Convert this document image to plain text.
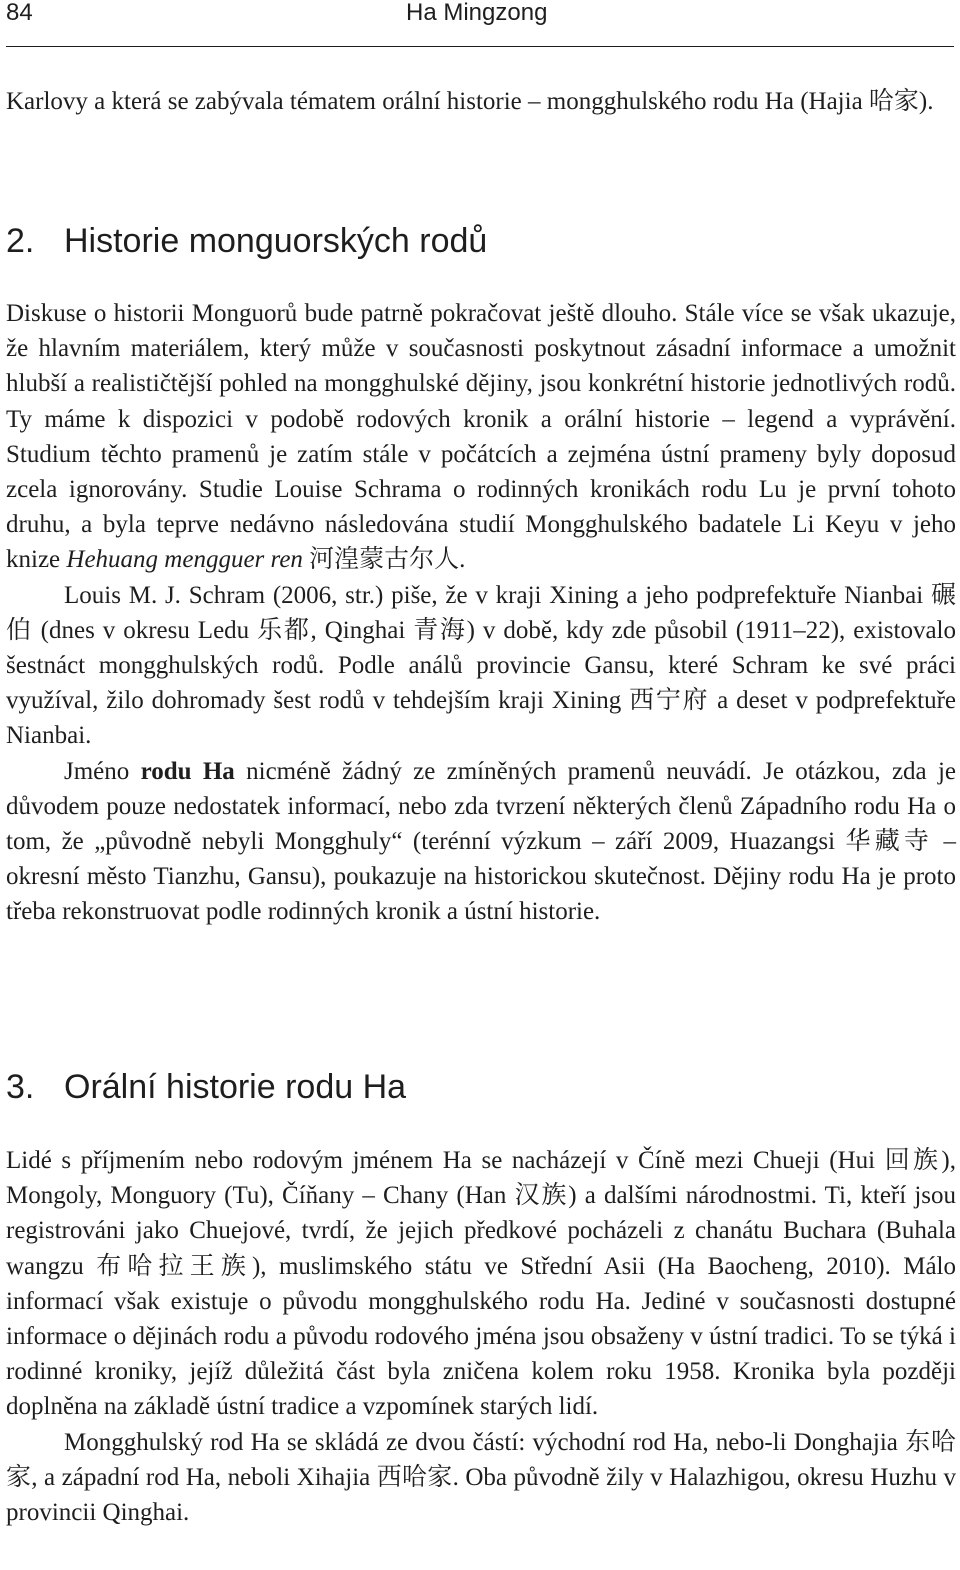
84	Ha Mingzong

Karlovy a která se zabývala tématem orální historie – mongghulského rodu Ha (Hajia 哈家).

2. Historie monguorských rodů

Diskuse o historii Monguorů bude patrně pokračovat ještě dlouho. Stále více se však ukazuje, že hlavním materiálem, který může v současnosti poskytnout zásadní informace a umožnit hlubší a realističtější pohled na mongghulské dějiny, jsou konkrétní historie jednotlivých rodů. Ty máme k dispozici v podobě rodových kronik a orální historie – legend a vyprávění. Studium těchto pramenů je zatím stále v počátcích a zejména ústní prameny byly doposud zcela ignorovány. Studie Louise Schrama o rodinných kronikách rodu Lu je první tohoto druhu, a byla teprve nedávno následována studií Mongghulského badatele Li Keyu v jeho knize Hehuang mengguer ren 河湟蒙古尔人.

Louis M. J. Schram (2006, str.) piše, že v kraji Xining a jeho podprefektuře Nianbai 碾伯 (dnes v okresu Ledu 乐都, Qinghai 青海) v době, kdy zde působil (1911–22), existovalo šestnáct mongghulských rodů. Podle análů provincie Gansu, které Schram ke své práci využíval, žilo dohromady šest rodů v tehdejším kraji Xining 西宁府 a deset v podprefektuře Nianbai.

Jméno rodu Ha nicméně žádný ze zmíněných pramenů neuvádí. Je otázkou, zda je důvodem pouze nedostatek informací, nebo zda tvrzení některých členů Západního rodu Ha o tom, že „původně nebyli Mongghuly“ (terénní výzkum – září 2009, Huazangsi 华藏寺 – okresní město Tianzhu, Gansu), poukazuje na historickou skutečnost. Dějiny rodu Ha je proto třeba rekonstruovat podle rodinných kronik a ústní historie.

3. Orální historie rodu Ha

Lidé s příjmením nebo rodovým jménem Ha se nacházejí v Číně mezi Chueji (Hui 回族), Mongoly, Monguory (Tu), Číňany – Chany (Han 汉族) a dalšími národnostmi. Ti, kteří jsou registrováni jako Chuejové, tvrdí, že jejich předkové pocházeli z chanátu Buchara (Buhala wangzu 布哈拉王族), muslimského státu ve Střední Asii (Ha Baocheng, 2010). Málo informací však existuje o původu mongghulského rodu Ha. Jediné v současnosti dostupné informace o dějinách rodu a původu rodového jména jsou obsaženy v ústní tradici. To se týká i rodinné kroniky, jejíž důležitá část byla zničena kolem roku 1958. Kronika byla později doplněna na základě ústní tradice a vzpomínek starých lidí.

Mongghulský rod Ha se skládá ze dvou částí: východní rod Ha, nebo-li Donghajia 东哈家, a západní rod Ha, neboli Xihajia 西哈家. Oba původně žily v Halazhigou, okresu Huzhu v provincii Qinghai.
